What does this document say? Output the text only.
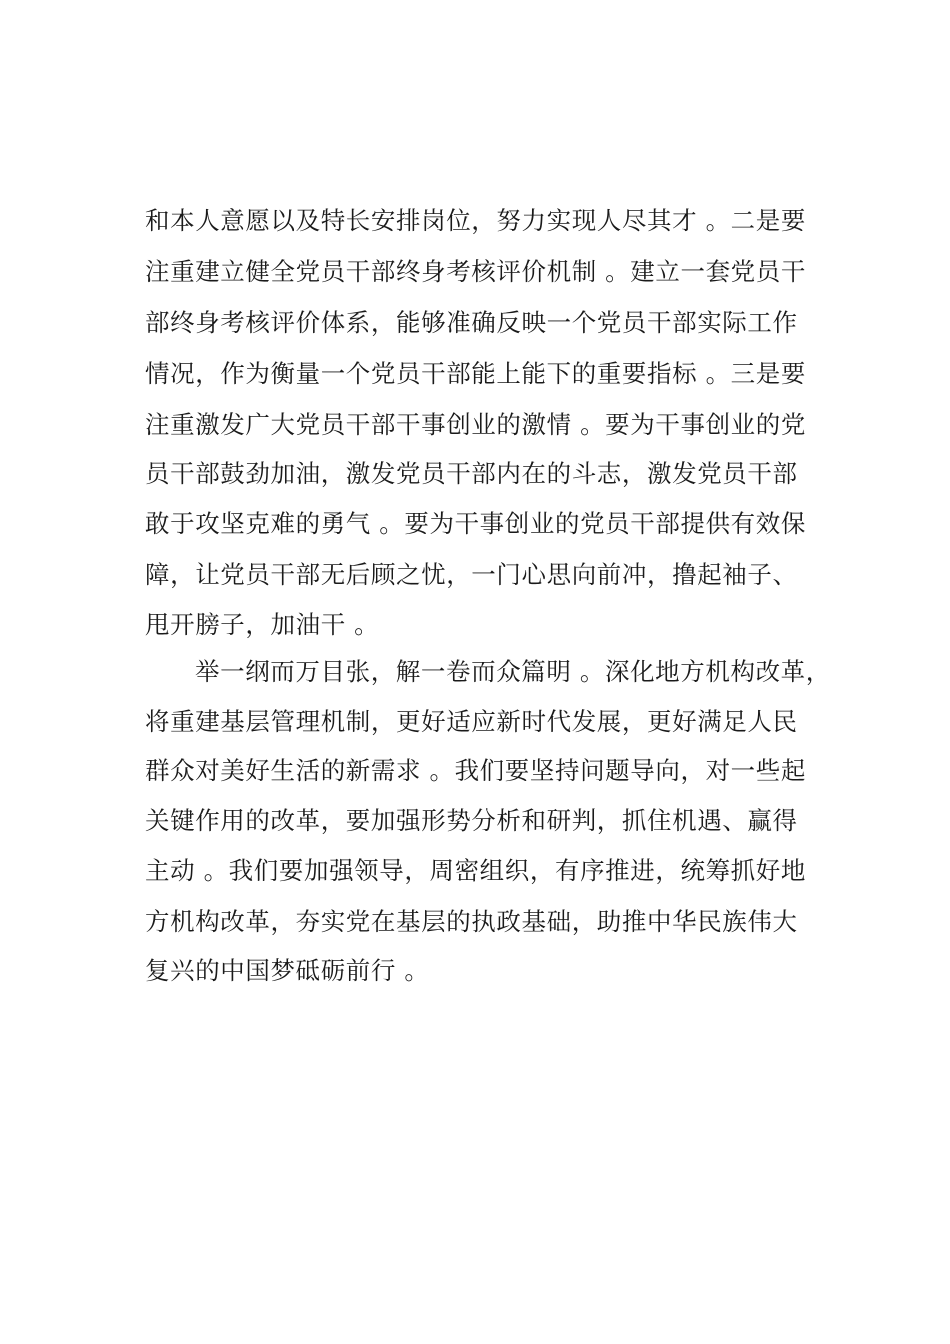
和本人意愿以及特长安排岗位，努力实现人尽其才 。二是要
注重建立健全党员干部终身考核评价机制 。建立一套党员干
部终身考核评价体系，能够准确反映一个党员干部实际工作
情况，作为衡量一个党员干部能上能下的重要指标 。三是要
注重激发广大党员干部干事创业的激情 。要为干事创业的党
员干部鼓劲加油，激发党员干部内在的斗志，激发党员干部
敢于攻坚克难的勇气 。要为干事创业的党员干部提供有效保
障，让党员干部无后顾之忧，一门心思向前冲，撸起袖子、
甩开膀子，加油干 。
举一纲而万目张，解一卷而众篇明 。深化地方机构改革，
将重建基层管理机制，更好适应新时代发展，更好满足人民
群众对美好生活的新需求 。我们要坚持问题导向，对一些起
关键作用的改革，要加强形势分析和研判，抓住机遇、赢得
主动 。我们要加强领导，周密组织，有序推进，统筹抓好地
方机构改革，夯实党在基层的执政基础，助推中华民族伟大
复兴的中国梦砥砺前行 。
